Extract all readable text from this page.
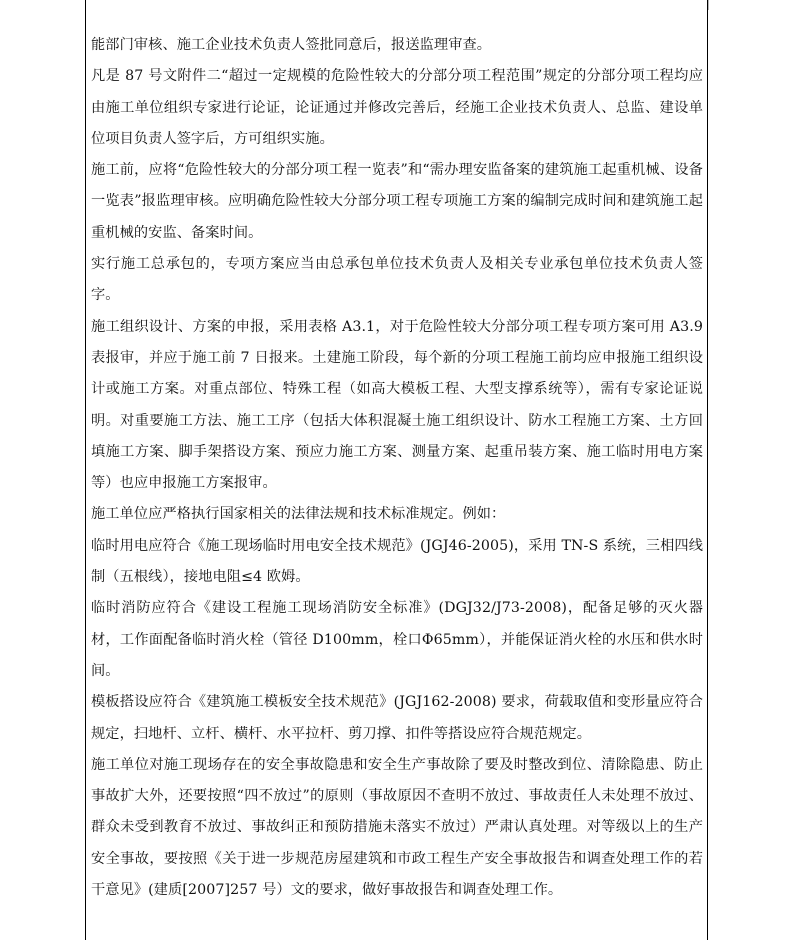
能部门审核、施工企业技术负责人签批同意后，报送监理审查。

凡是 87 号文附件二“超过一定规模的危险性较大的分部分项工程范围”规定的分部分项工程均应由施工单位组织专家进行论证，论证通过并修改完善后，经施工企业技术负责人、总监、建设单位项目负责人签字后，方可组织实施。

施工前，应将“危险性较大的分部分项工程一览表”和“需办理安监备案的建筑施工起重机械、设备一览表”报监理审核。应明确危险性较大分部分项工程专项施工方案的编制完成时间和建筑施工起重机械的安监、备案时间。

实行施工总承包的，专项方案应当由总承包单位技术负责人及相关专业承包单位技术负责人签字。

施工组织设计、方案的申报，采用表格 A3.1，对于危险性较大分部分项工程专项方案可用 A3.9 表报审，并应于施工前 7 日报来。土建施工阶段，每个新的分项工程施工前均应申报施工组织设计或施工方案。对重点部位、特殊工程（如高大模板工程、大型支撑系统等），需有专家论证说明。对重要施工方法、施工工序（包括大体积混凝土施工组织设计、防水工程施工方案、土方回填施工方案、脚手架搭设方案、预应力施工方案、测量方案、起重吊装方案、施工临时用电方案等）也应申报施工方案报审。

施工单位应严格执行国家相关的法律法规和技术标准规定。例如：

临时用电应符合《施工现场临时用电安全技术规范》(JGJ46-2005)，采用 TN-S 系统，三相四线制（五根线），接地电阻≤4 欧姆。

临时消防应符合《建设工程施工现场消防安全标准》(DGJ32/J73-2008)，配备足够的灭火器材，工作面配备临时消火栓（管径 D100mm，栓口Φ65mm），并能保证消火栓的水压和供水时间。

模板搭设应符合《建筑施工模板安全技术规范》(JGJ162-2008) 要求，荷载取值和变形量应符合规定，扫地杆、立杆、横杆、水平拉杆、剪刀撑、扣件等搭设应符合规范规定。

施工单位对施工现场存在的安全事故隐患和安全生产事故除了要及时整改到位、清除隐患、防止事故扩大外，还要按照“四不放过”的原则（事故原因不查明不放过、事故责任人未处理不放过、群众未受到教育不放过、事故纠正和预防措施未落实不放过）严肃认真处理。对等级以上的生产安全事故，要按照《关于进一步规范房屋建筑和市政工程生产安全事故报告和调查处理工作的若干意见》(建质[2007]257 号）文的要求，做好事故报告和调查处理工作。
